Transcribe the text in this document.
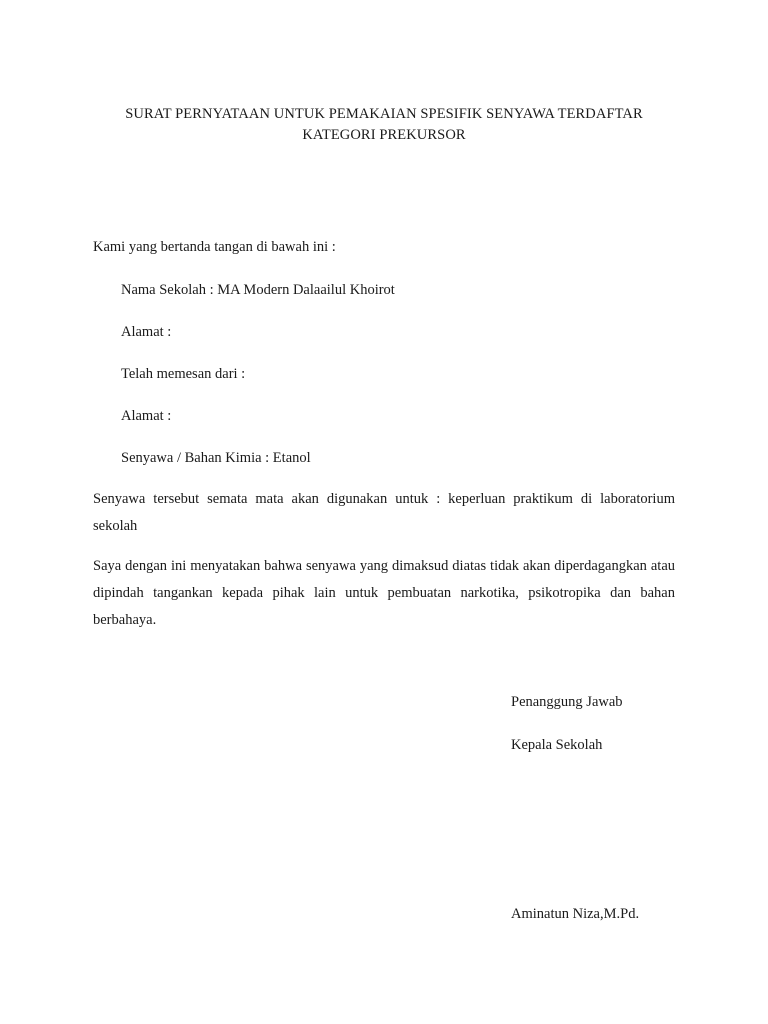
SURAT PERNYATAAN UNTUK PEMAKAIAN SPESIFIK SENYAWA TERDAFTAR
KATEGORI PREKURSOR
Kami yang bertanda tangan di bawah ini :
Nama Sekolah : MA Modern Dalaailul Khoirot
Alamat :
Telah memesan dari :
Alamat :
Senyawa / Bahan Kimia : Etanol
Senyawa tersebut semata mata akan digunakan untuk : keperluan praktikum di laboratorium sekolah
Saya dengan ini menyatakan bahwa senyawa yang dimaksud diatas tidak akan diperdagangkan atau dipindah tangankan kepada pihak lain untuk pembuatan narkotika, psikotropika dan bahan berbahaya.
Penanggung Jawab
Kepala Sekolah
Aminatun Niza,M.Pd.
